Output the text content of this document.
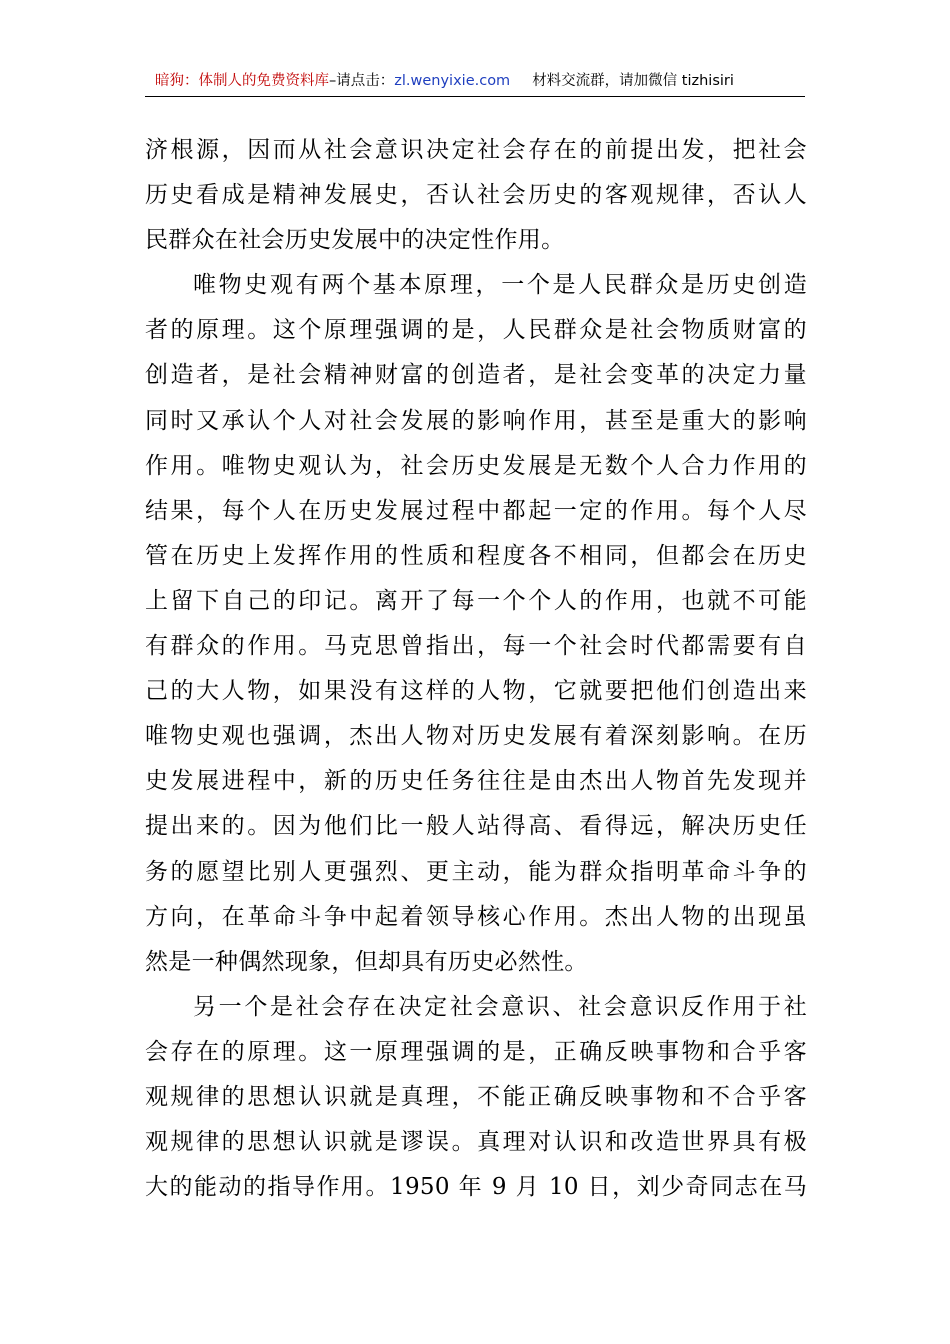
暗狗：体制人的免费资料库–请点击：zl.wenyixie.com 材料交流群，请加微信 tizhisiri

济根源，因而从社会意识决定社会存在的前提出发，把社会

历史看成是精神发展史，否认社会历史的客观规律，否认人

民群众在社会历史发展中的决定性作用。

唯物史观有两个基本原理，一个是人民群众是历史创造

者的原理。这个原理强调的是，人民群众是社会物质财富的

创造者，是社会精神财富的创造者，是社会变革的决定力量

同时又承认个人对社会发展的影响作用，甚至是重大的影响

作用。唯物史观认为，社会历史发展是无数个人合力作用的

结果，每个人在历史发展过程中都起一定的作用。每个人尽

管在历史上发挥作用的性质和程度各不相同，但都会在历史

上留下自己的印记。离开了每一个个人的作用，也就不可能

有群众的作用。马克思曾指出，每一个社会时代都需要有自

己的大人物，如果没有这样的人物，它就要把他们创造出来

唯物史观也强调，杰出人物对历史发展有着深刻影响。在历

史发展进程中，新的历史任务往往是由杰出人物首先发现并

提出来的。因为他们比一般人站得高、看得远，解决历史任

务的愿望比别人更强烈、更主动，能为群众指明革命斗争的

方向，在革命斗争中起着领导核心作用。杰出人物的出现虽

然是一种偶然现象，但却具有历史必然性。

另一个是社会存在决定社会意识、社会意识反作用于社

会存在的原理。这一原理强调的是，正确反映事物和合乎客

观规律的思想认识就是真理，不能正确反映事物和不合乎客

观规律的思想认识就是谬误。真理对认识和改造世界具有极

大的能动的指导作用。1950 年 9 月 10 日，刘少奇同志在马
